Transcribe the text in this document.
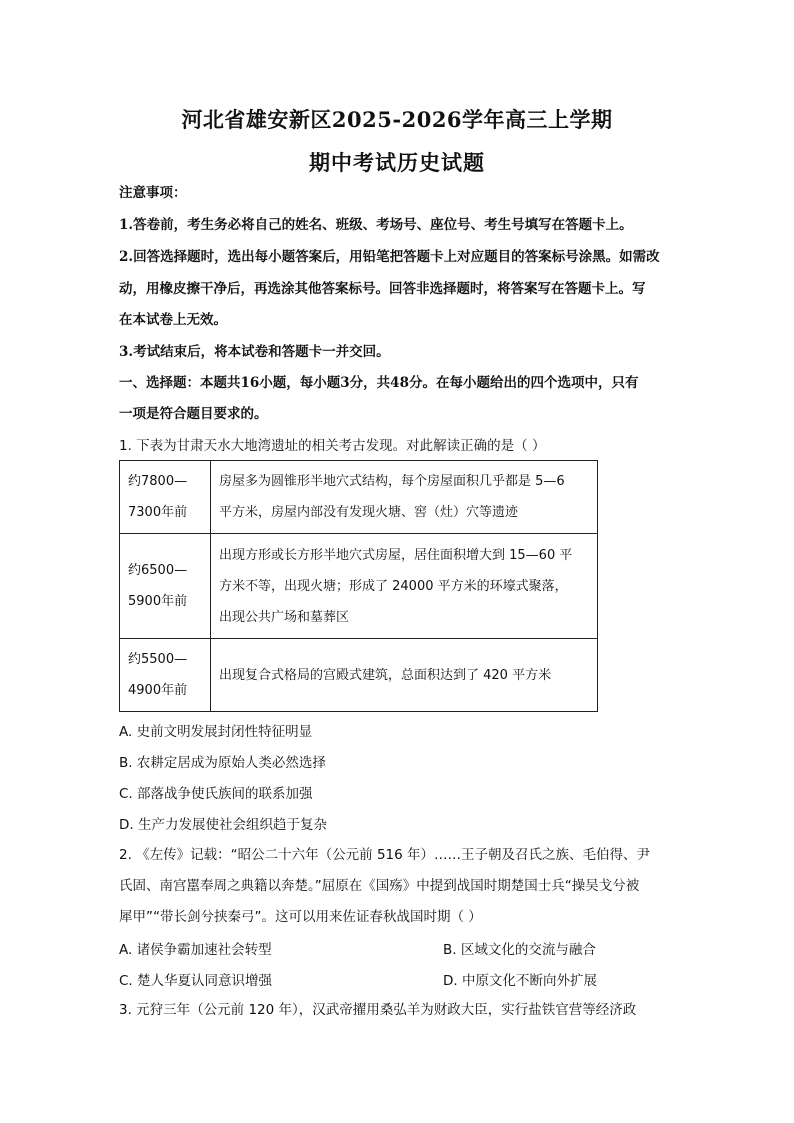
河北省雄安新区2025-2026学年高三上学期
期中考试历史试题
注意事项：
1.答卷前，考生务必将自己的姓名、班级、考场号、座位号、考生号填写在答题卡上。
2.回答选择题时，选出每小题答案后，用铅笔把答题卡上对应题目的答案标号涂黑。如需改
动，用橡皮擦干净后，再选涂其他答案标号。回答非选择题时，将答案写在答题卡上。写
在本试卷上无效。
3.考试结束后，将本试卷和答题卡一并交回。
一、选择题：本题共16小题，每小题3分，共48分。在每小题给出的四个选项中，只有
一项是符合题目要求的。
1. 下表为甘肃天水大地湾遗址的相关考古发现。对此解读正确的是（ ）
约7800—
7300年前	房屋多为圆锥形半地穴式结构，每个房屋面积几乎都是 5—6
平方米，房屋内部没有发现火塘、窖（灶）穴等遗迹

约6500—
5900年前	出现方形或长方形半地穴式房屋，居住面积增大到 15—60 平
方米不等，出现火塘；形成了 24000 平方米的环壕式聚落，
出现公共广场和墓葬区

约5500—
4900年前	出现复合式格局的宫殿式建筑，总面积达到了 420 平方米
A. 史前文明发展封闭性特征明显
B. 农耕定居成为原始人类必然选择
C. 部落战争使氏族间的联系加强
D. 生产力发展使社会组织趋于复杂
2. 《左传》记载：“昭公二十六年（公元前 516 年）……王子朝及召氏之族、毛伯得、尹
氏固、南宫嚚奉周之典籍以奔楚。”屈原在《国殇》中提到战国时期楚国士兵“操吴戈兮被
犀甲”“带长剑兮挟秦弓”。这可以用来佐证春秋战国时期（ ）
A. 诸侯争霸加速社会转型	B. 区域文化的交流与融合
C. 楚人华夏认同意识增强	D. 中原文化不断向外扩展
3. 元狩三年（公元前 120 年），汉武帝擢用桑弘羊为财政大臣，实行盐铁官营等经济政
